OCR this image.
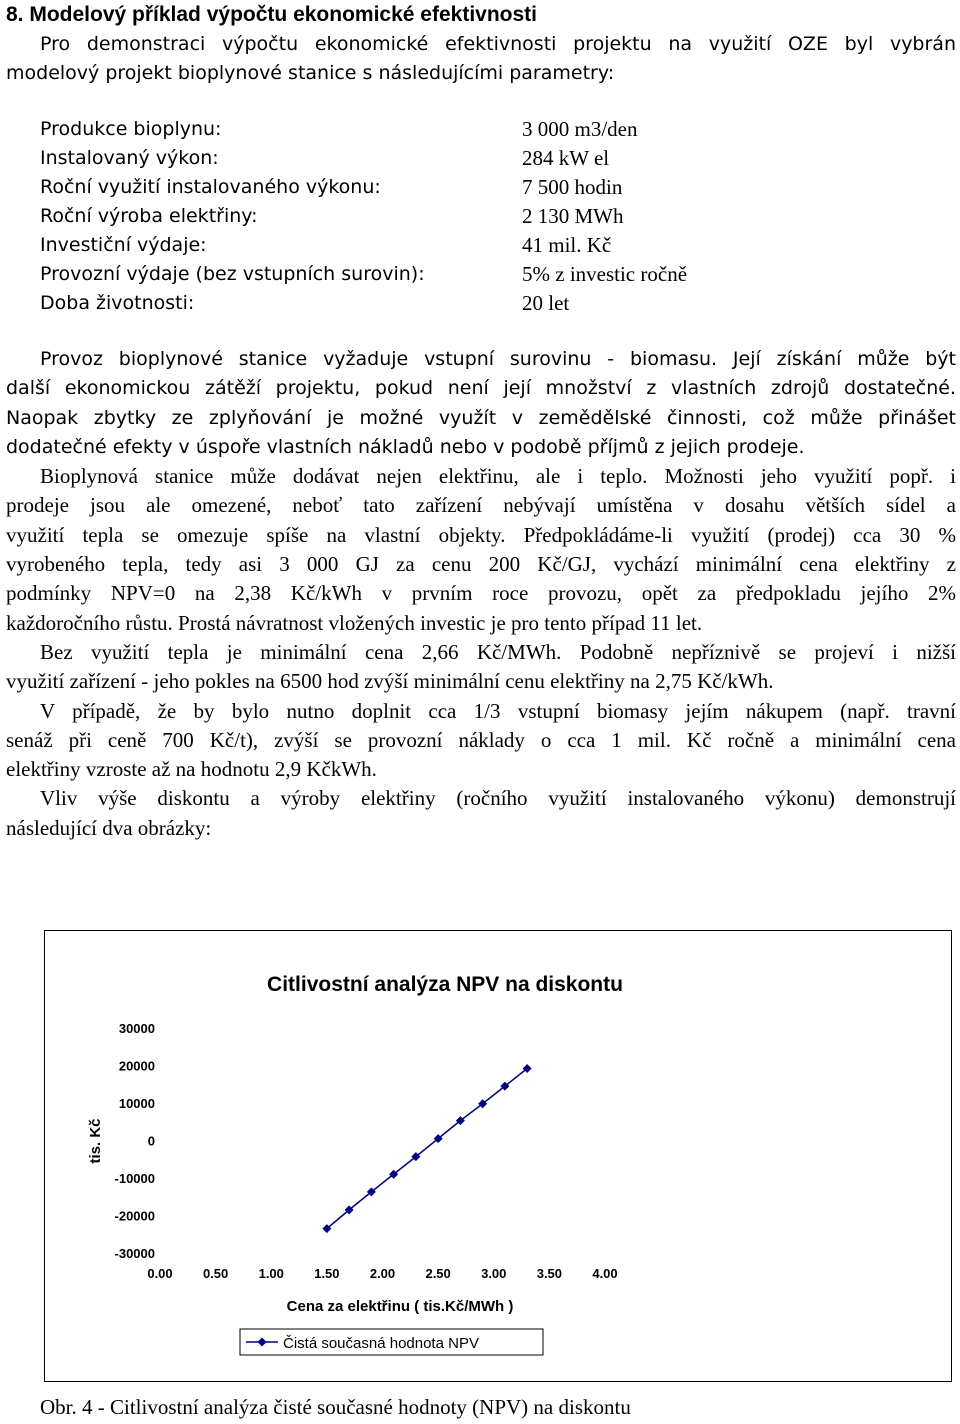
8. Modelový příklad výpočtu ekonomické efektivnosti
Pro demonstraci výpočtu ekonomické efektivnosti projektu na využití OZE byl vybrán
modelový projekt bioplynové stanice s následujícími parametry:
Produkce bioplynu:	3 000 m3/den
Instalovaný výkon:	284 kW el
Roční využití instalovaného výkonu:	7 500 hodin
Roční výroba elektřiny:	2 130 MWh
Investiční výdaje:	41 mil. Kč
Provozní výdaje (bez vstupních surovin):	5% z investic ročně
Doba životnosti:	20 let
Provoz bioplynové stanice vyžaduje vstupní surovinu - biomasu. Její získání může být
další ekonomickou zátěží projektu, pokud není její množství z vlastních zdrojů dostatečné.
Naopak zbytky ze zplyňování je možné využít v zemědělské činnosti, což může přinášet
dodatečné efekty v úspoře vlastních nákladů nebo v podobě příjmů z jejich prodeje.
Bioplynová stanice může dodávat nejen elektřinu, ale i teplo. Možnosti jeho využití popř. i
prodeje jsou ale omezené, neboť tato zařízení nebývají umístěna v dosahu větších sídel a
využití tepla se omezuje spíše na vlastní objekty. Předpokládáme-li využití (prodej) cca 30 %
vyrobeného tepla, tedy asi 3 000 GJ za cenu 200 Kč/GJ, vychází minimální cena elektřiny z
podmínky NPV=0 na 2,38 Kč/kWh v prvním roce provozu, opět za předpokladu jejího 2%
každoročního růstu. Prostá návratnost vložených investic je pro tento případ 11 let.
Bez využití tepla je minimální cena 2,66 Kč/MWh. Podobně nepříznivě se projeví i nižší
využití zařízení - jeho pokles na 6500 hod zvýší minimální cenu elektřiny na 2,75 Kč/kWh.
V případě, že by bylo nutno doplnit cca 1/3 vstupní biomasy jejím nákupem (např. travní
senáž při ceně 700 Kč/t), zvýší se provozní náklady o cca 1 mil. Kč ročně a minimální cena
elektřiny vzroste až na hodnotu 2,9 KčkWh.
Vliv výše diskontu a výroby elektřiny (ročního využití instalovaného výkonu) demonstrují
následující dva obrázky:
Citlivostní analýza NPV na diskontu
30000
20000
10000
0
-10000
-20000
-30000
0.00 0.50 1.00 1.50 2.00 2.50 3.00 3.50 4.00
tis. Kč
Cena za elektřinu ( tis.Kč/MWh )
Čistá současná hodnota NPV

Obr. 4 - Citlivostní analýza čisté současné hodnoty (NPV) na diskontu
